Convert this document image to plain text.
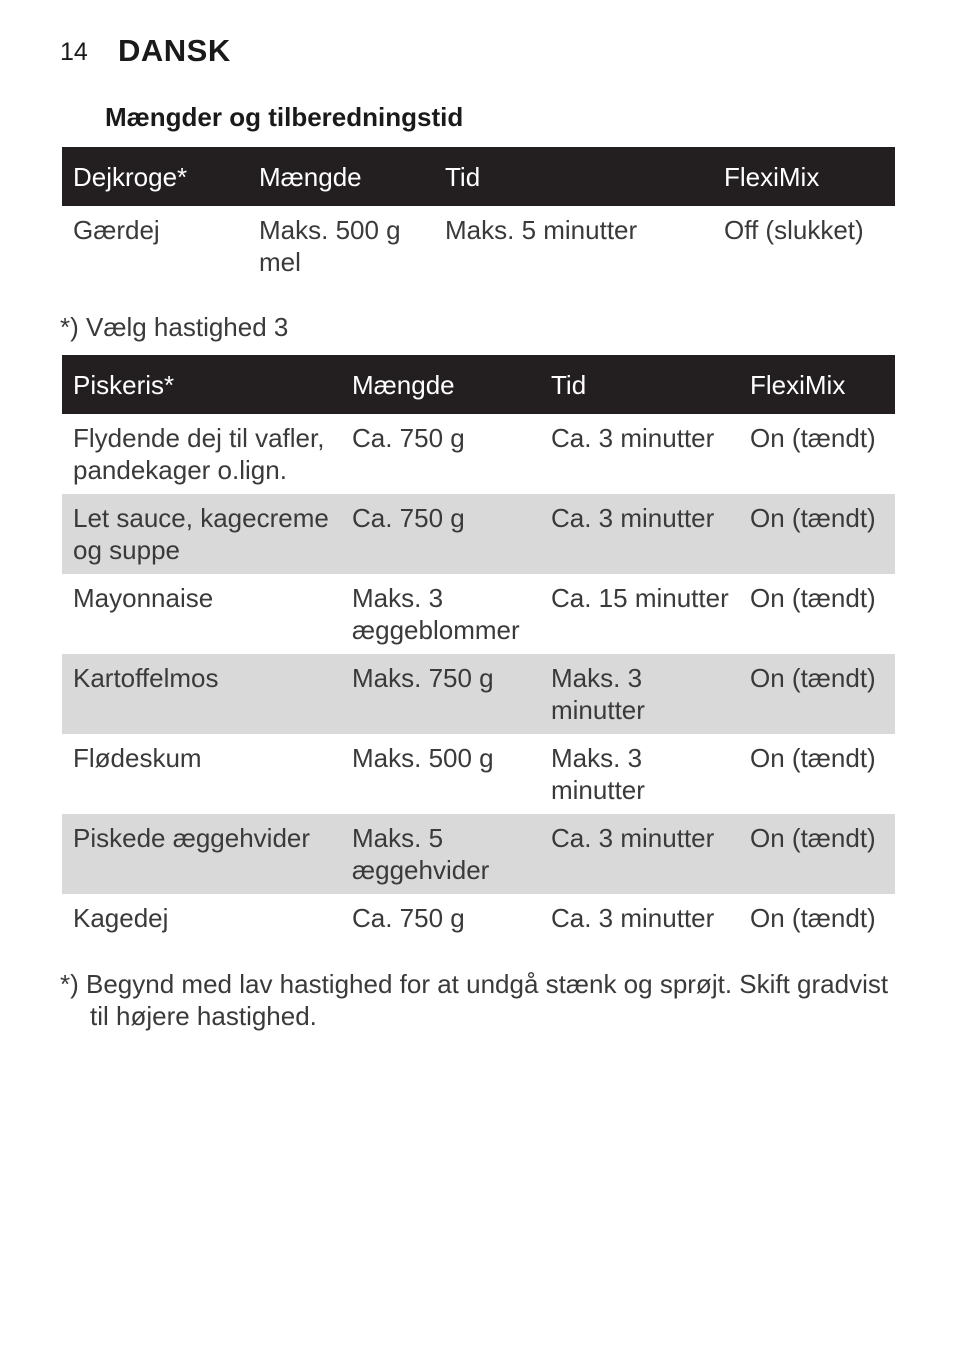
14 DANSK
Mængder og tilberedningstid
Dejkroge*	Mængde	Tid	FlexiMix
Gærdej	Maks. 500 g mel	Maks. 5 minutter	Off (slukket)
*) Vælg hastighed 3
Piskeris*	Mængde	Tid	FlexiMix
Flydende dej til vafler, pandekager o.lign.	Ca. 750 g	Ca. 3 minutter	On (tændt)
Let sauce, kagecreme og suppe	Ca. 750 g	Ca. 3 minutter	On (tændt)
Mayonnaise	Maks. 3 æggeblommer	Ca. 15 minutter	On (tændt)
Kartoffelmos	Maks. 750 g	Maks. 3 minutter	On (tændt)
Flødeskum	Maks. 500 g	Maks. 3 minutter	On (tændt)
Piskede æggehvider	Maks. 5 æggehvider	Ca. 3 minutter	On (tændt)
Kagedej	Ca. 750 g	Ca. 3 minutter	On (tændt)
*) Begynd med lav hastighed for at undgå stænk og sprøjt. Skift gradvist til højere hastighed.
